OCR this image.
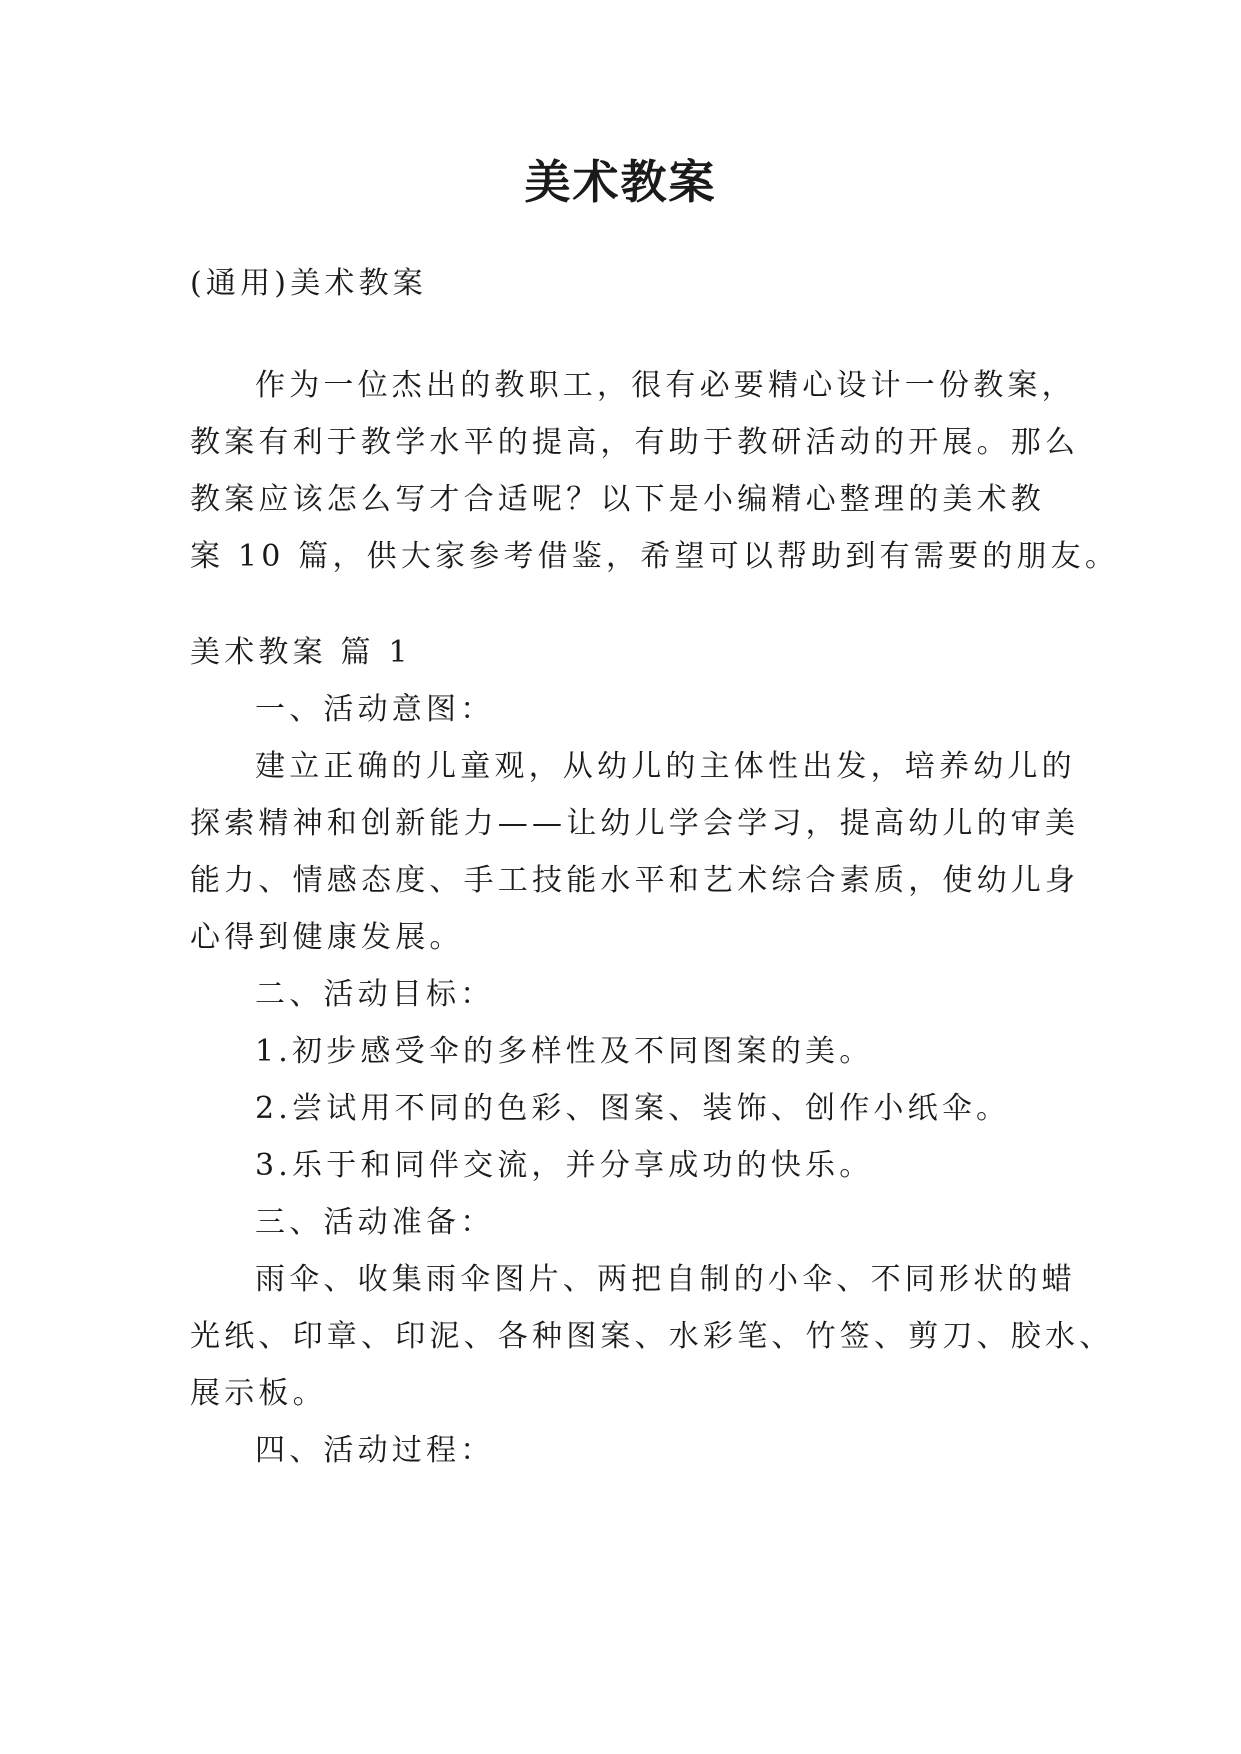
美术教案
(通用)美术教案
作为一位杰出的教职工，很有必要精心设计一份教案，
教案有利于教学水平的提高，有助于教研活动的开展。那么
教案应该怎么写才合适呢？以下是小编精心整理的美术教
案 10 篇，供大家参考借鉴，希望可以帮助到有需要的朋友。
美术教案 篇 1
一、活动意图：
建立正确的儿童观，从幼儿的主体性出发，培养幼儿的
探索精神和创新能力——让幼儿学会学习，提高幼儿的审美
能力、情感态度、手工技能水平和艺术综合素质，使幼儿身
心得到健康发展。
二、活动目标：
1.初步感受伞的多样性及不同图案的美。
2.尝试用不同的色彩、图案、装饰、创作小纸伞。
3.乐于和同伴交流，并分享成功的快乐。
三、活动准备：
雨伞、收集雨伞图片、两把自制的小伞、不同形状的蜡
光纸、印章、印泥、各种图案、水彩笔、竹签、剪刀、胶水、
展示板。
四、活动过程：
